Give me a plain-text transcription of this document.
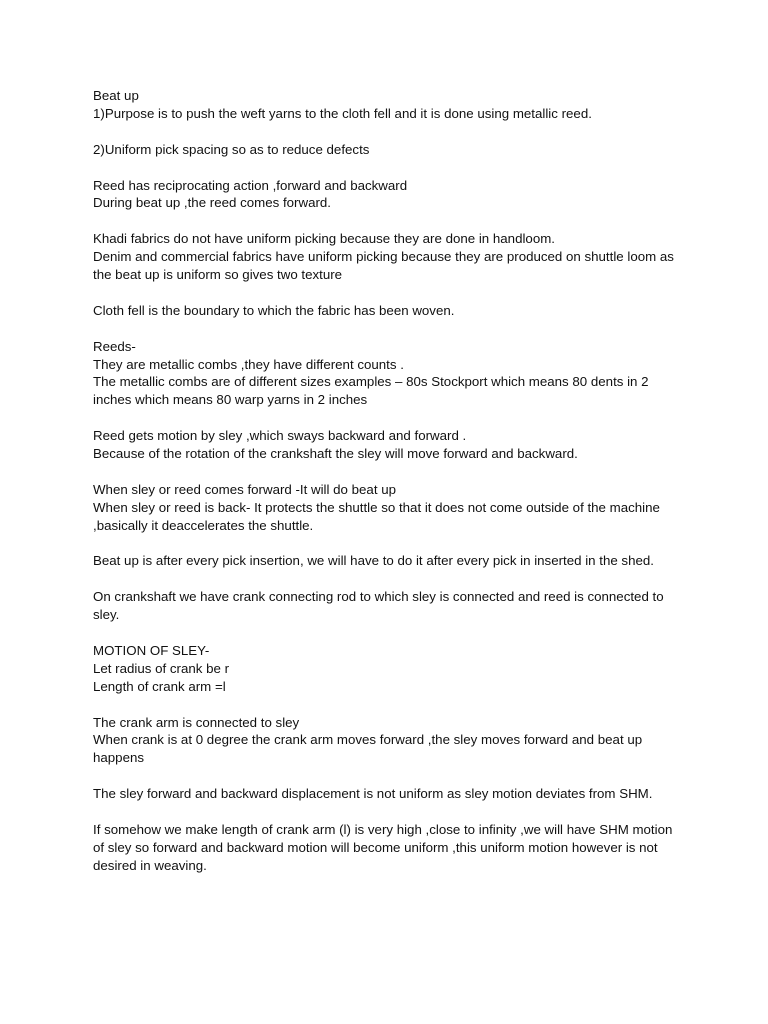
Beat up
1)Purpose is to push the weft yarns to the cloth fell and it is done using metallic reed.

2)Uniform pick spacing so as to reduce defects

Reed has reciprocating action ,forward and backward
During beat up ,the reed comes forward.

Khadi fabrics do not have uniform picking because they are done in handloom.
Denim and commercial fabrics have uniform picking because they are produced on shuttle loom as the beat up is uniform so gives two texture

Cloth fell is the boundary to which the fabric has been woven.

Reeds-
They are metallic combs ,they have different counts .
The metallic combs are of different sizes examples – 80s Stockport which means 80 dents in 2 inches which means 80 warp yarns in 2 inches

Reed gets motion by sley ,which sways backward and forward .
Because of the rotation of the crankshaft the sley will move forward and backward.

When sley or reed comes forward -It will do beat up
When sley or reed is back- It protects the shuttle so that it does not come outside of the machine ,basically it deaccelerates the shuttle.

Beat up is after every pick insertion, we will have to do it after every pick in inserted in the shed.

On crankshaft we have crank connecting rod to which sley is connected and reed is connected to sley.

MOTION OF SLEY-
Let radius of crank be r
Length of crank arm =l

The crank arm is connected to sley
When crank is at 0 degree the crank arm moves forward ,the sley moves forward and beat up happens

The sley forward and backward displacement is not uniform as sley motion deviates from SHM.

If somehow we make length of crank arm (l) is very high ,close to infinity ,we will have SHM motion of sley so forward and backward motion will become uniform ,this uniform motion however is not desired in weaving.
